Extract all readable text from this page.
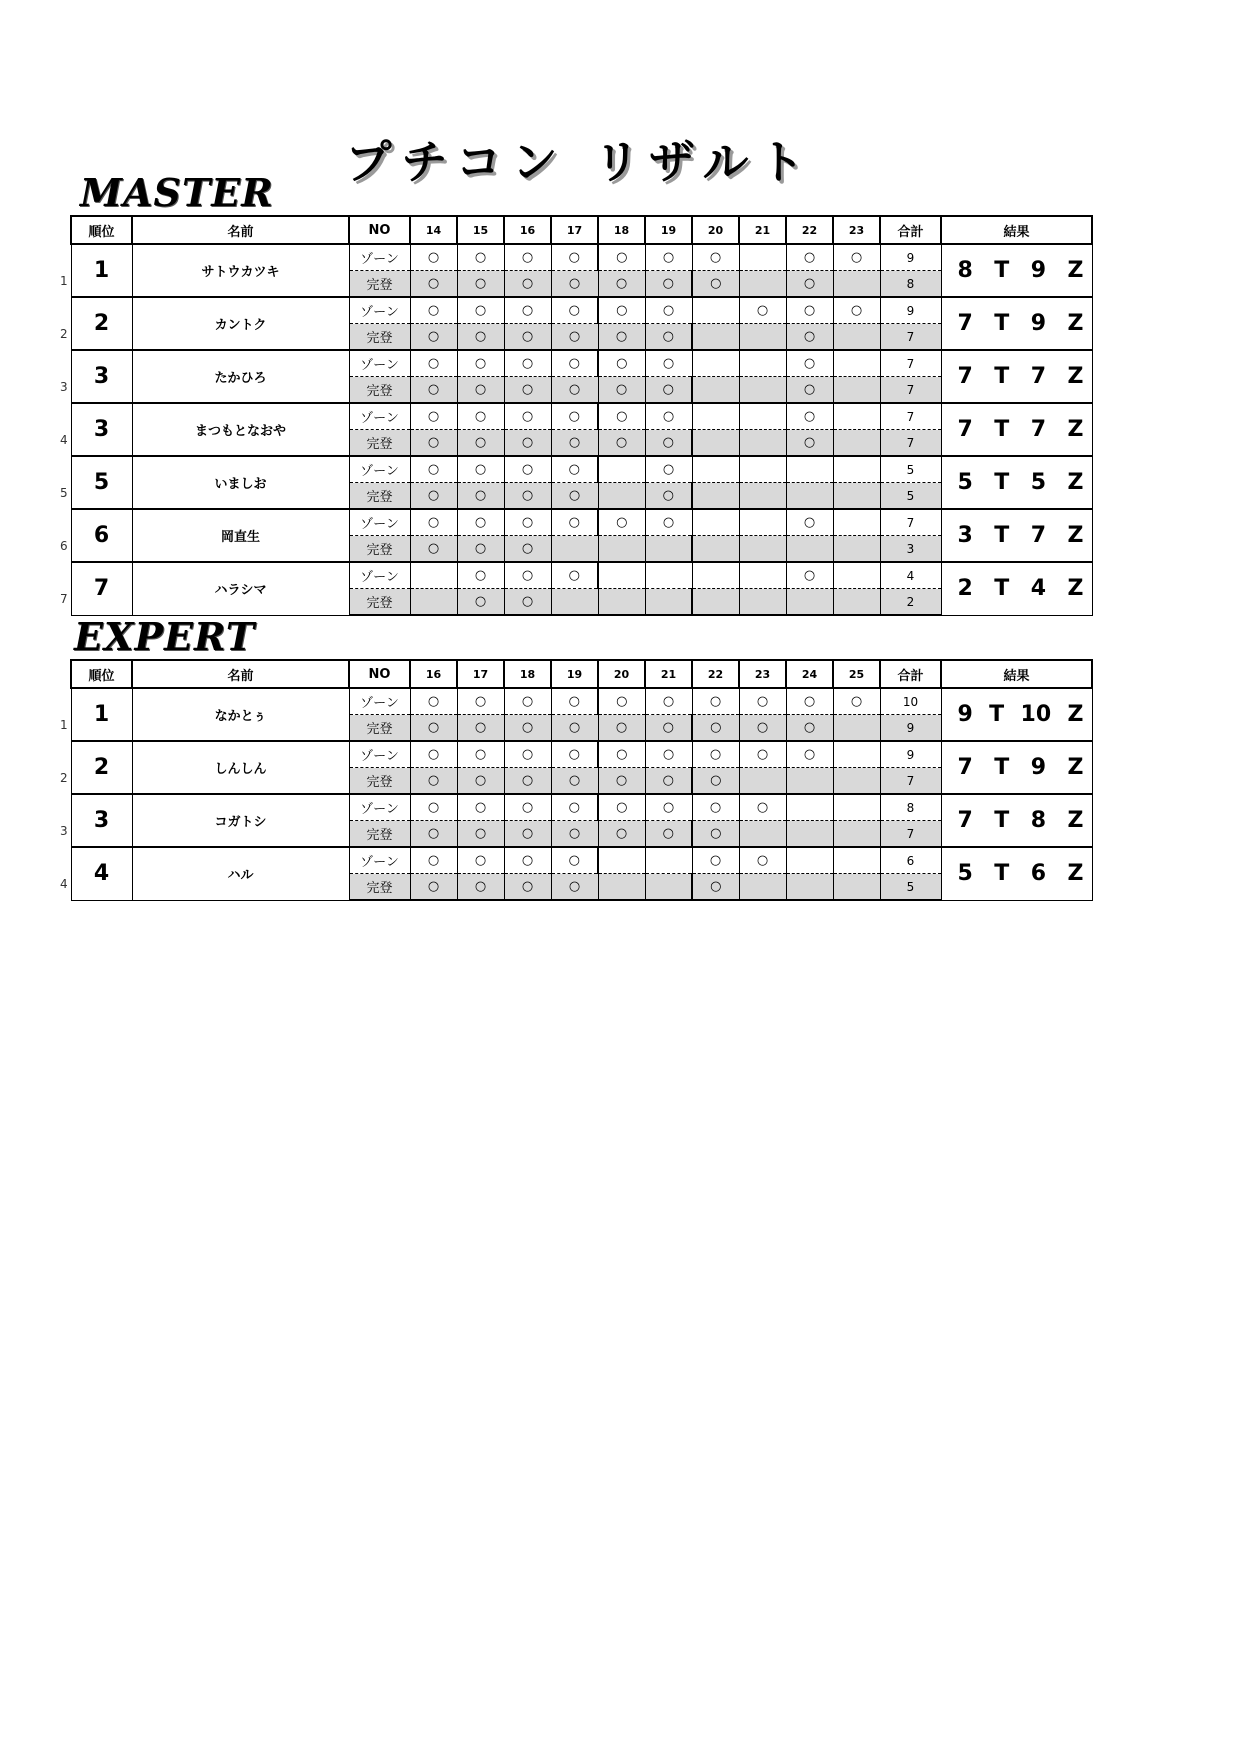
プチコン リザルト
MASTER
順位	名前	NO	14	15	16	17	18	19	20	21	22	23	合計	結果
1	サトウカツキ	ゾーン	○	○	○	○	○	○	○		○	○	9	8 T 9 Z

		完登	○	○	○	○	○	○	○		○		8	
2	カントク	ゾーン	○	○	○	○	○	○		○	○	○	9	7 T 9 Z

		完登	○	○	○	○	○	○			○		7	
3	たかひろ	ゾーン	○	○	○	○	○	○			○		7	7 T 7 Z

		完登	○	○	○	○	○	○			○		7	
3	まつもとなおや	ゾーン	○	○	○	○	○	○			○		7	7 T 7 Z

		完登	○	○	○	○	○	○			○		7	
5	いましお	ゾーン	○	○	○	○		○					5	5 T 5 Z

		完登	○	○	○	○		○					5	
6	岡直生	ゾーン	○	○	○	○	○	○			○		7	3 T 7 Z

		完登	○	○	○								3	
7	ハラシマ	ゾーン		○	○	○					○		4	2 T 4 Z

		完登		○	○								2	
EXPERT
順位	名前	NO	16	17	18	19	20	21	22	23	24	25	合計	結果
1	なかとぅ	ゾーン	○	○	○	○	○	○	○	○	○	○	10	9 T 10 Z

		完登	○	○	○	○	○	○	○	○	○		9	
2	しんしん	ゾーン	○	○	○	○	○	○	○	○	○		9	7 T 9 Z

		完登	○	○	○	○	○	○	○				7	
3	コガトシ	ゾーン	○	○	○	○	○	○	○	○			8	7 T 8 Z

		完登	○	○	○	○	○	○	○				7	
4	ハル	ゾーン	○	○	○	○			○	○			6	5 T 6 Z

		完登	○	○	○	○			○				5	
1
2
3
4
5
6
7
1
2
3
4
